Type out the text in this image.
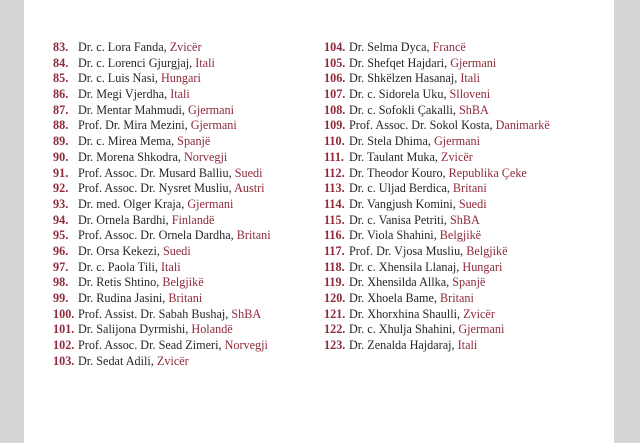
83. Dr. c. Lora Fanda, Zvicër
84. Dr. c. Lorenci Gjurgjaj, Itali
85. Dr. c. Luis Nasi, Hungari
86. Dr. Megi Vjerdha, Itali
87. Dr. Mentar Mahmudi, Gjermani
88. Prof. Dr. Mira Mezini, Gjermani
89. Dr. c. Mirea Mema, Spanjë
90. Dr. Morena Shkodra, Norvegji
91. Prof. Assoc. Dr. Musard Balliu, Suedi
92. Prof. Assoc. Dr. Nysret Musliu, Austri
93. Dr. med. Olger Kraja, Gjermani
94. Dr. Ornela Bardhi, Finlandë
95. Prof. Assoc. Dr. Ornela Dardha, Britani
96. Dr. Orsa Kekezi, Suedi
97. Dr. c. Paola Tili, Itali
98. Dr. Retis Shtino, Belgjikë
99. Dr. Rudina Jasini, Britani
100. Prof. Assist. Dr. Sabah Bushaj, ShBA
101. Dr. Salijona Dyrmishi, Holandë
102. Prof. Assoc. Dr. Sead Zimeri, Norvegji
103. Dr. Sedat Adili, Zvicër
104. Dr. Selma Dyca, Francë
105. Dr. Shefqet Hajdari, Gjermani
106. Dr. Shkëlzen Hasanaj, Itali
107. Dr. c. Sidorela Uku, Slloveni
108. Dr. c. Sofokli Çakalli, ShBA
109. Prof. Assoc. Dr. Sokol Kosta, Danimarkë
110. Dr. Stela Dhima, Gjermani
111. Dr. Taulant Muka, Zvicër
112. Dr. Theodor Kouro, Republika Çeke
113. Dr. c. Uljad Berdica, Britani
114. Dr. Vangjush Komini, Suedi
115. Dr. c. Vanisa Petriti, ShBA
116. Dr. Viola Shahini, Belgjikë
117. Prof. Dr. Vjosa Musliu, Belgjikë
118. Dr. c. Xhensila Llanaj, Hungari
119. Dr. Xhensilda Allka, Spanjë
120. Dr. Xhoela Bame, Britani
121. Dr. Xhorxhina Shaulli, Zvicër
122. Dr. c. Xhulja Shahini, Gjermani
123. Dr. Zenalda Hajdaraj, Itali
